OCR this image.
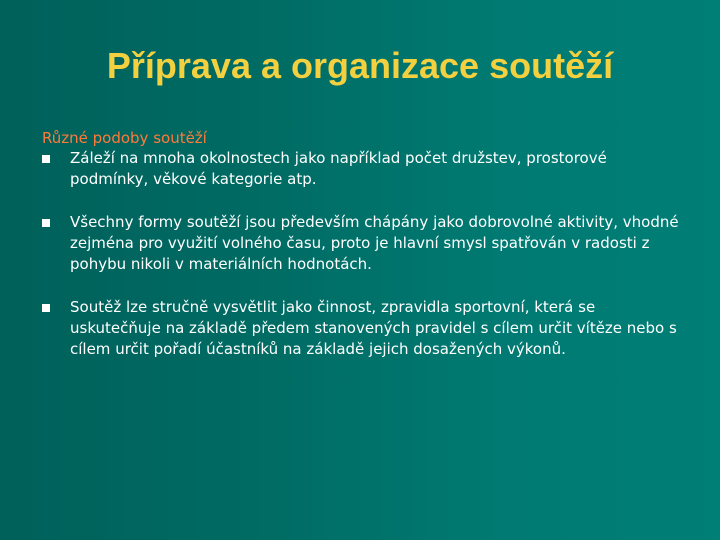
Příprava a organizace soutěží

Různé podoby soutěží

Záleží na mnoha okolnostech jako například počet družstev, prostorové podmínky, věkové kategorie atp.
Všechny formy soutěží jsou především chápány jako dobrovolné aktivity, vhodné zejména pro využití volného času, proto je hlavní smysl spatřován v radosti z pohybu nikoli v materiálních hodnotách.
Soutěž lze stručně vysvětlit jako činnost, zpravidla sportovní, která se uskutečňuje na základě předem stanovených pravidel s cílem určit vítěze nebo s cílem určit pořadí účastníků na základě jejich dosažených výkonů.
